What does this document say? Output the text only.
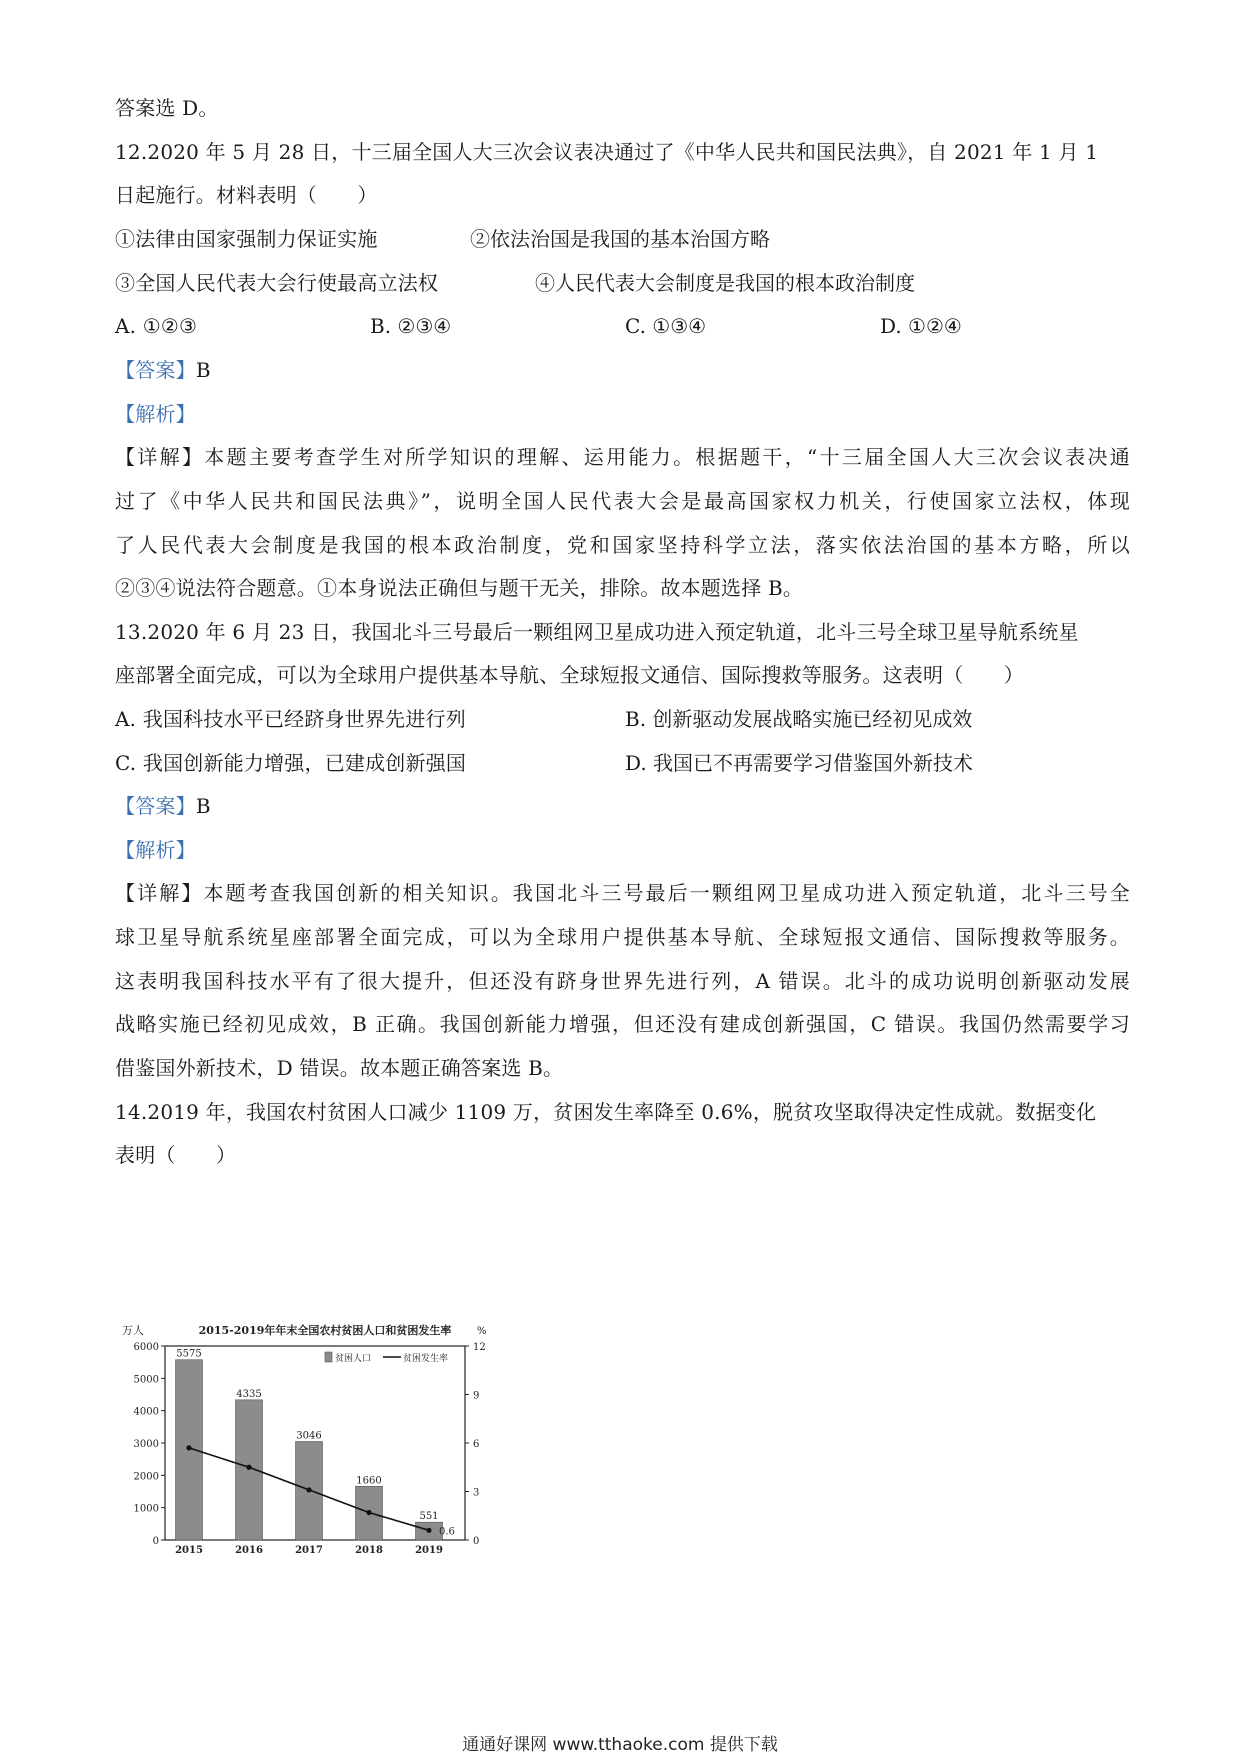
答案选 D。
12.2020 年 5 月 28 日，十三届全国人大三次会议表决通过了《中华人民共和国民法典》，自 2021 年 1 月 1
日起施行。材料表明（　　）
①法律由国家强制力保证实施	②依法治国是我国的基本治国方略
③全国人民代表大会行使最高立法权	④人民代表大会制度是我国的根本政治制度
A. ①②③	B. ②③④	C. ①③④	D. ①②④
【答案】B
【解析】
【详解】本题主要考查学生对所学知识的理解、运用能力。根据题干，“十三届全国人大三次会议表决通
过了《中华人民共和国民法典》”，说明全国人民代表大会是最高国家权力机关，行使国家立法权，体现
了人民代表大会制度是我国的根本政治制度，党和国家坚持科学立法，落实依法治国的基本方略，所以
②③④说法符合题意。①本身说法正确但与题干无关，排除。故本题选择 B。
13.2020 年 6 月 23 日，我国北斗三号最后一颗组网卫星成功进入预定轨道，北斗三号全球卫星导航系统星
座部署全面完成，可以为全球用户提供基本导航、全球短报文通信、国际搜救等服务。这表明（　　）
A. 我国科技水平已经跻身世界先进行列	B. 创新驱动发展战略实施已经初见成效
C. 我国创新能力增强，已建成创新强国	D. 我国已不再需要学习借鉴国外新技术
【答案】B
【解析】
【详解】本题考查我国创新的相关知识。我国北斗三号最后一颗组网卫星成功进入预定轨道，北斗三号全
球卫星导航系统星座部署全面完成，可以为全球用户提供基本导航、全球短报文通信、国际搜救等服务。
这表明我国科技水平有了很大提升，但还没有跻身世界先进行列，A 错误。北斗的成功说明创新驱动发展
战略实施已经初见成效，B 正确。我国创新能力增强，但还没有建成创新强国，C 错误。我国仍然需要学习
借鉴国外新技术，D 错误。故本题正确答案选 B。
14.2019 年，我国农村贫困人口减少 1109 万，贫困发生率降至 0.6%，脱贫攻坚取得决定性成就。数据变化
表明（　　）
2015-2019年年末全国农村贫困人口和贫困发生率
万人	%
0
1000
2000
3000
4000
5000
6000
0
3
6
9
12
5575
2015
4335
2016
3046
2017
1660
2018
551
2019
0.6
贫困人口	贫困发生率
通通好课网 www.tthaoke.com 提供下载
